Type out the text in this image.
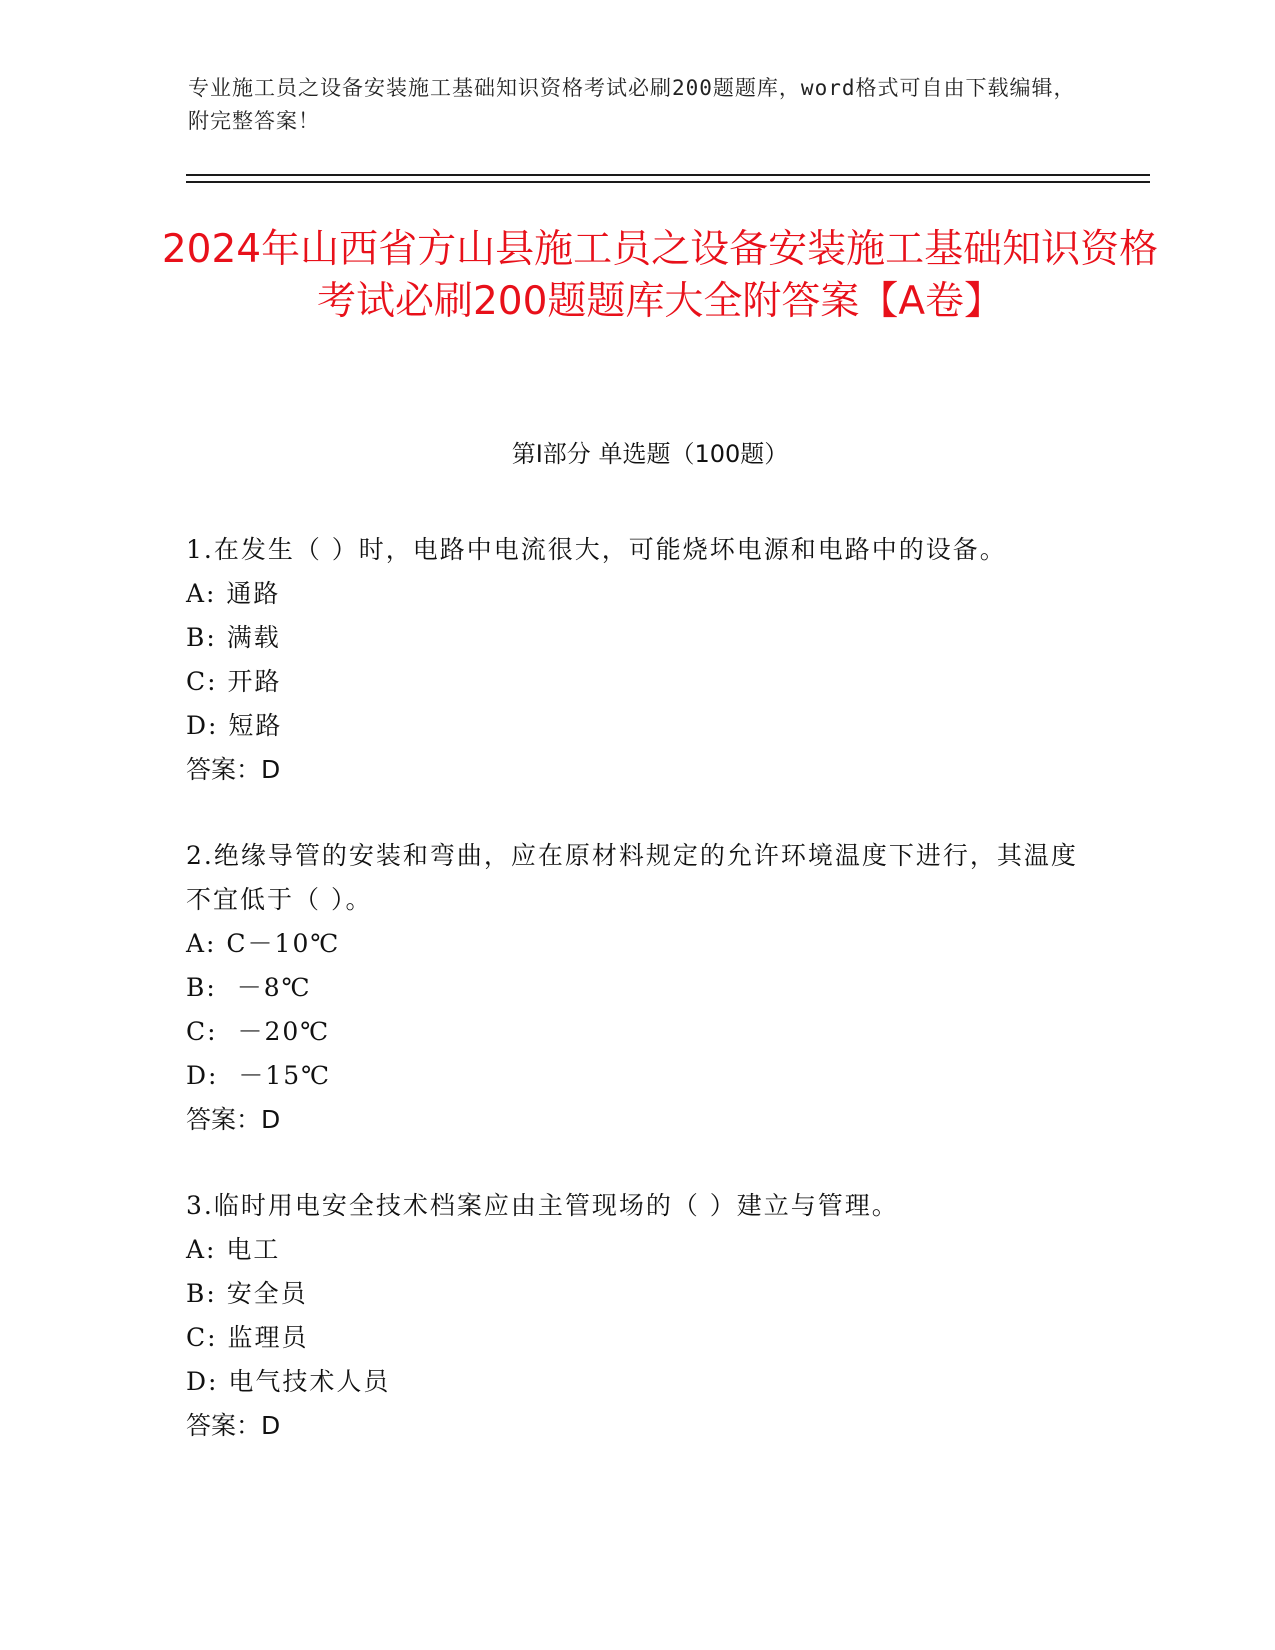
专业施工员之设备安装施工基础知识资格考试必刷200题题库，word格式可自由下载编辑，附完整答案！
2024年山西省方山县施工员之设备安装施工基础知识资格考试必刷200题题库大全附答案【A卷】
第I部分 单选题（100题）
1.在发生（ ）时，电路中电流很大，可能烧坏电源和电路中的设备。
A: 通路
B: 满载
C: 开路
D: 短路
答案：D
2.绝缘导管的安装和弯曲，应在原材料规定的允许环境温度下进行，其温度不宜低于（ ）。
A: C－10℃
B:  －8℃
C:  －20℃
D:  －15℃
答案：D
3.临时用电安全技术档案应由主管现场的（ ）建立与管理。
A: 电工
B: 安全员
C: 监理员
D: 电气技术人员
答案：D
